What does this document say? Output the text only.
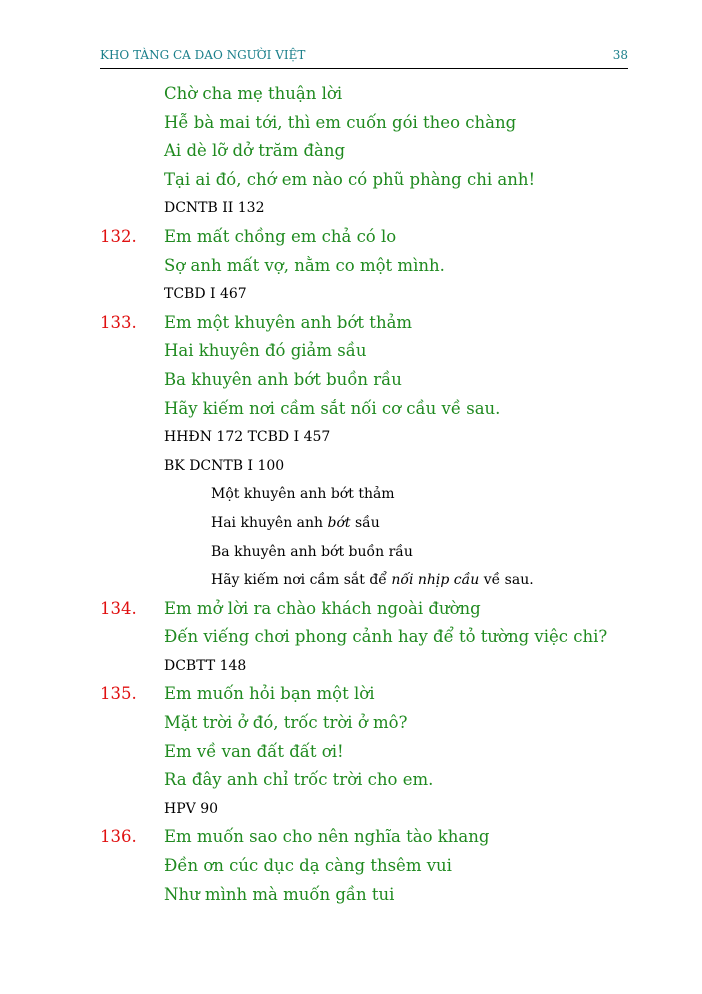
KHO TÀNG CA DAO NGƯỜI VIỆT	38
Chờ cha mẹ thuận lời
Hễ bà mai tới, thì em cuốn gói theo chàng
Ai dè lỡ dở trăm đàng
Tại ai đó, chớ em nào có phũ phàng chi anh!
DCNTB II 132
132. Em mất chồng em chả có lo
Sợ anh mất vợ, nằm co một mình.
TCBD I 467
133. Em một khuyên anh bớt thảm
Hai khuyên đó giảm sầu
Ba khuyên anh bớt buồn rầu
Hãy kiếm nơi cầm sắt nối cơ cầu về sau.
HHĐN 172 TCBD I 457
BK DCNTB I 100
Một khuyên anh bớt thảm
Hai khuyên anh bớt sầu
Ba khuyên anh bớt buồn rầu
Hãy kiếm nơi cầm sắt để nối nhịp cầu về sau.
134. Em mở lời ra chào khách ngoài đường
Đến viếng chơi phong cảnh hay để tỏ tường việc chi?
DCBTT 148
135. Em muốn hỏi bạn một lời
Mặt trời ở đó, trốc trời ở mô?
Em về van đất đất ơi!
Ra đây anh chỉ trốc trời cho em.
HPV 90
136. Em muốn sao cho nên nghĩa tào khang
Đền ơn cúc dục dạ càng thsêm vui
Như mình mà muốn gần tui
